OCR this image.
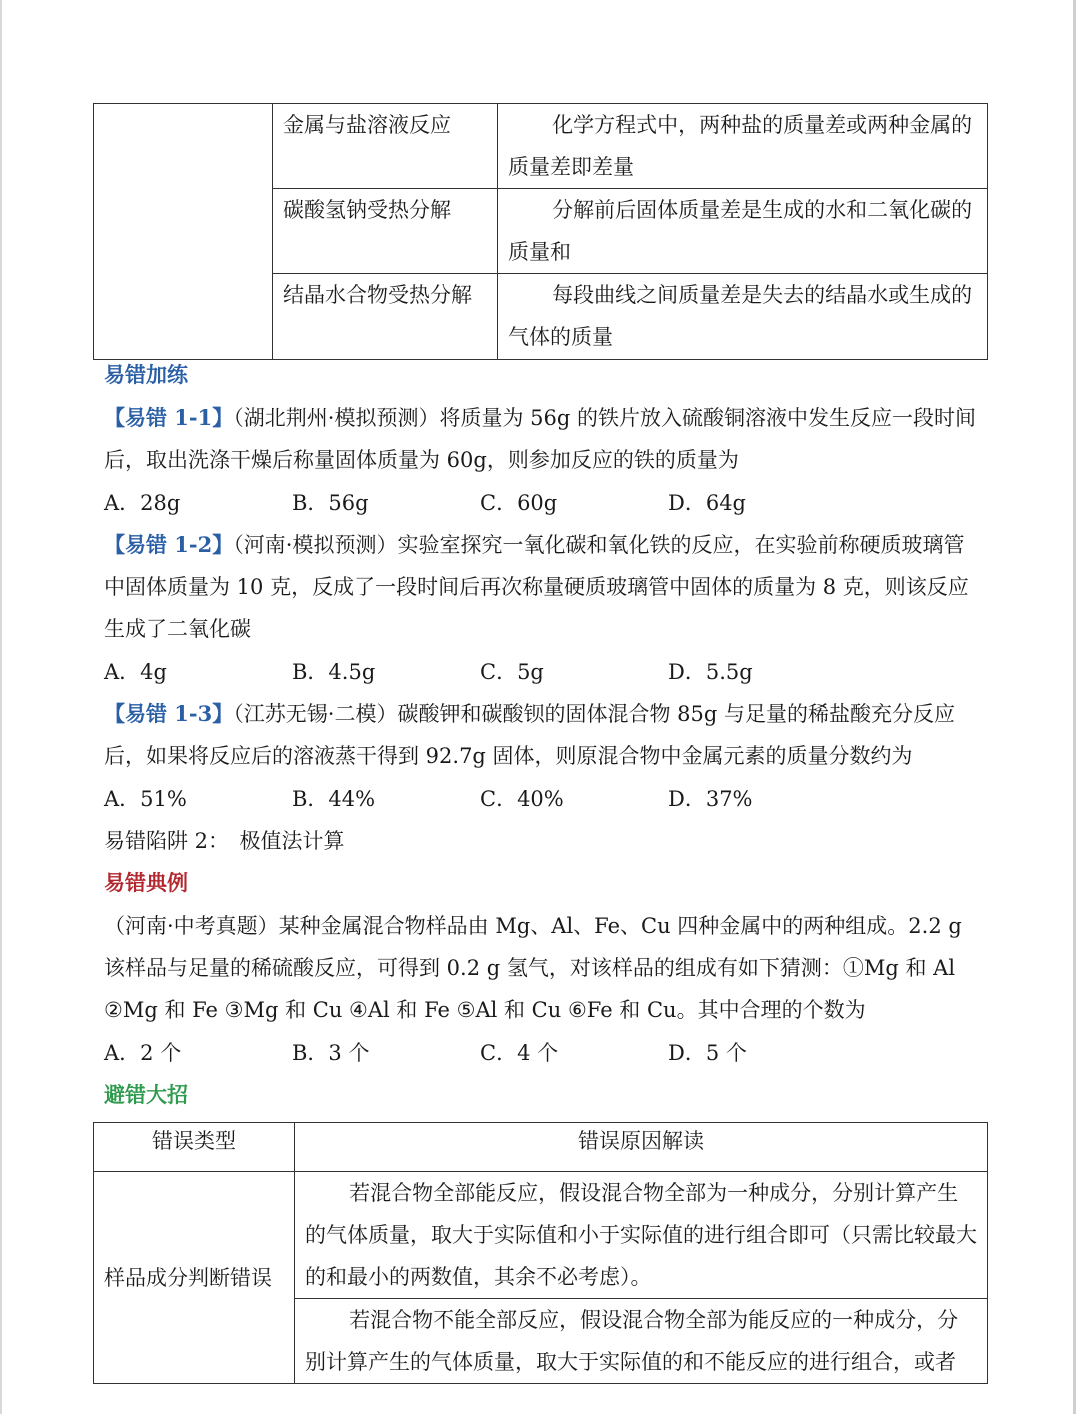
	金属与盐溶液反应	化学方程式中，两种盐的质量差或两种金属的质量差即差量
	碳酸氢钠受热分解	分解前后固体质量差是生成的水和二氧化碳的质量和
	结晶水合物受热分解	每段曲线之间质量差是失去的结晶水或生成的气体的质量
易错加练
【易错 1-1】（湖北荆州·模拟预测）将质量为 56g 的铁片放入硫酸铜溶液中发生反应一段时间后，取出洗涤干燥后称量固体质量为 60g，则参加反应的铁的质量为
A．28g	B．56g	C．60g	D．64g
【易错 1-2】（河南·模拟预测）实验室探究一氧化碳和氧化铁的反应，在实验前称硬质玻璃管中固体质量为 10 克，反成了一段时间后再次称量硬质玻璃管中固体的质量为 8 克，则该反应生成了二氧化碳
A．4g	B．4.5g	C．5g	D．5.5g
【易错 1-3】（江苏无锡·二模）碳酸钾和碳酸钡的固体混合物 85g 与足量的稀盐酸充分反应后，如果将反应后的溶液蒸干得到 92.7g 固体，则原混合物中金属元素的质量分数约为
A．51%	B．44%	C．40%	D．37%
易错陷阱 2：　极值法计算
易错典例
（河南·中考真题）某种金属混合物样品由 Mg、Al、Fe、Cu 四种金属中的两种组成。2.2 g 该样品与足量的稀硫酸反应，可得到 0.2 g 氢气，对该样品的组成有如下猜测：①Mg 和 Al ②Mg 和 Fe ③Mg 和 Cu ④Al 和 Fe ⑤Al 和 Cu ⑥Fe 和 Cu。其中合理的个数为
A．2 个	B．3 个	C．4 个	D．5 个
避错大招
错误类型	错误原因解读
样品成分判断错误	若混合物全部能反应，假设混合物全部为一种成分，分别计算产生的气体质量，取大于实际值和小于实际值的进行组合即可（只需比较最大的和最小的两数值，其余不必考虑）。
	若混合物不能全部反应，假设混合物全部为能反应的一种成分，分别计算产生的气体质量，取大于实际值的和不能反应的进行组合，或者
